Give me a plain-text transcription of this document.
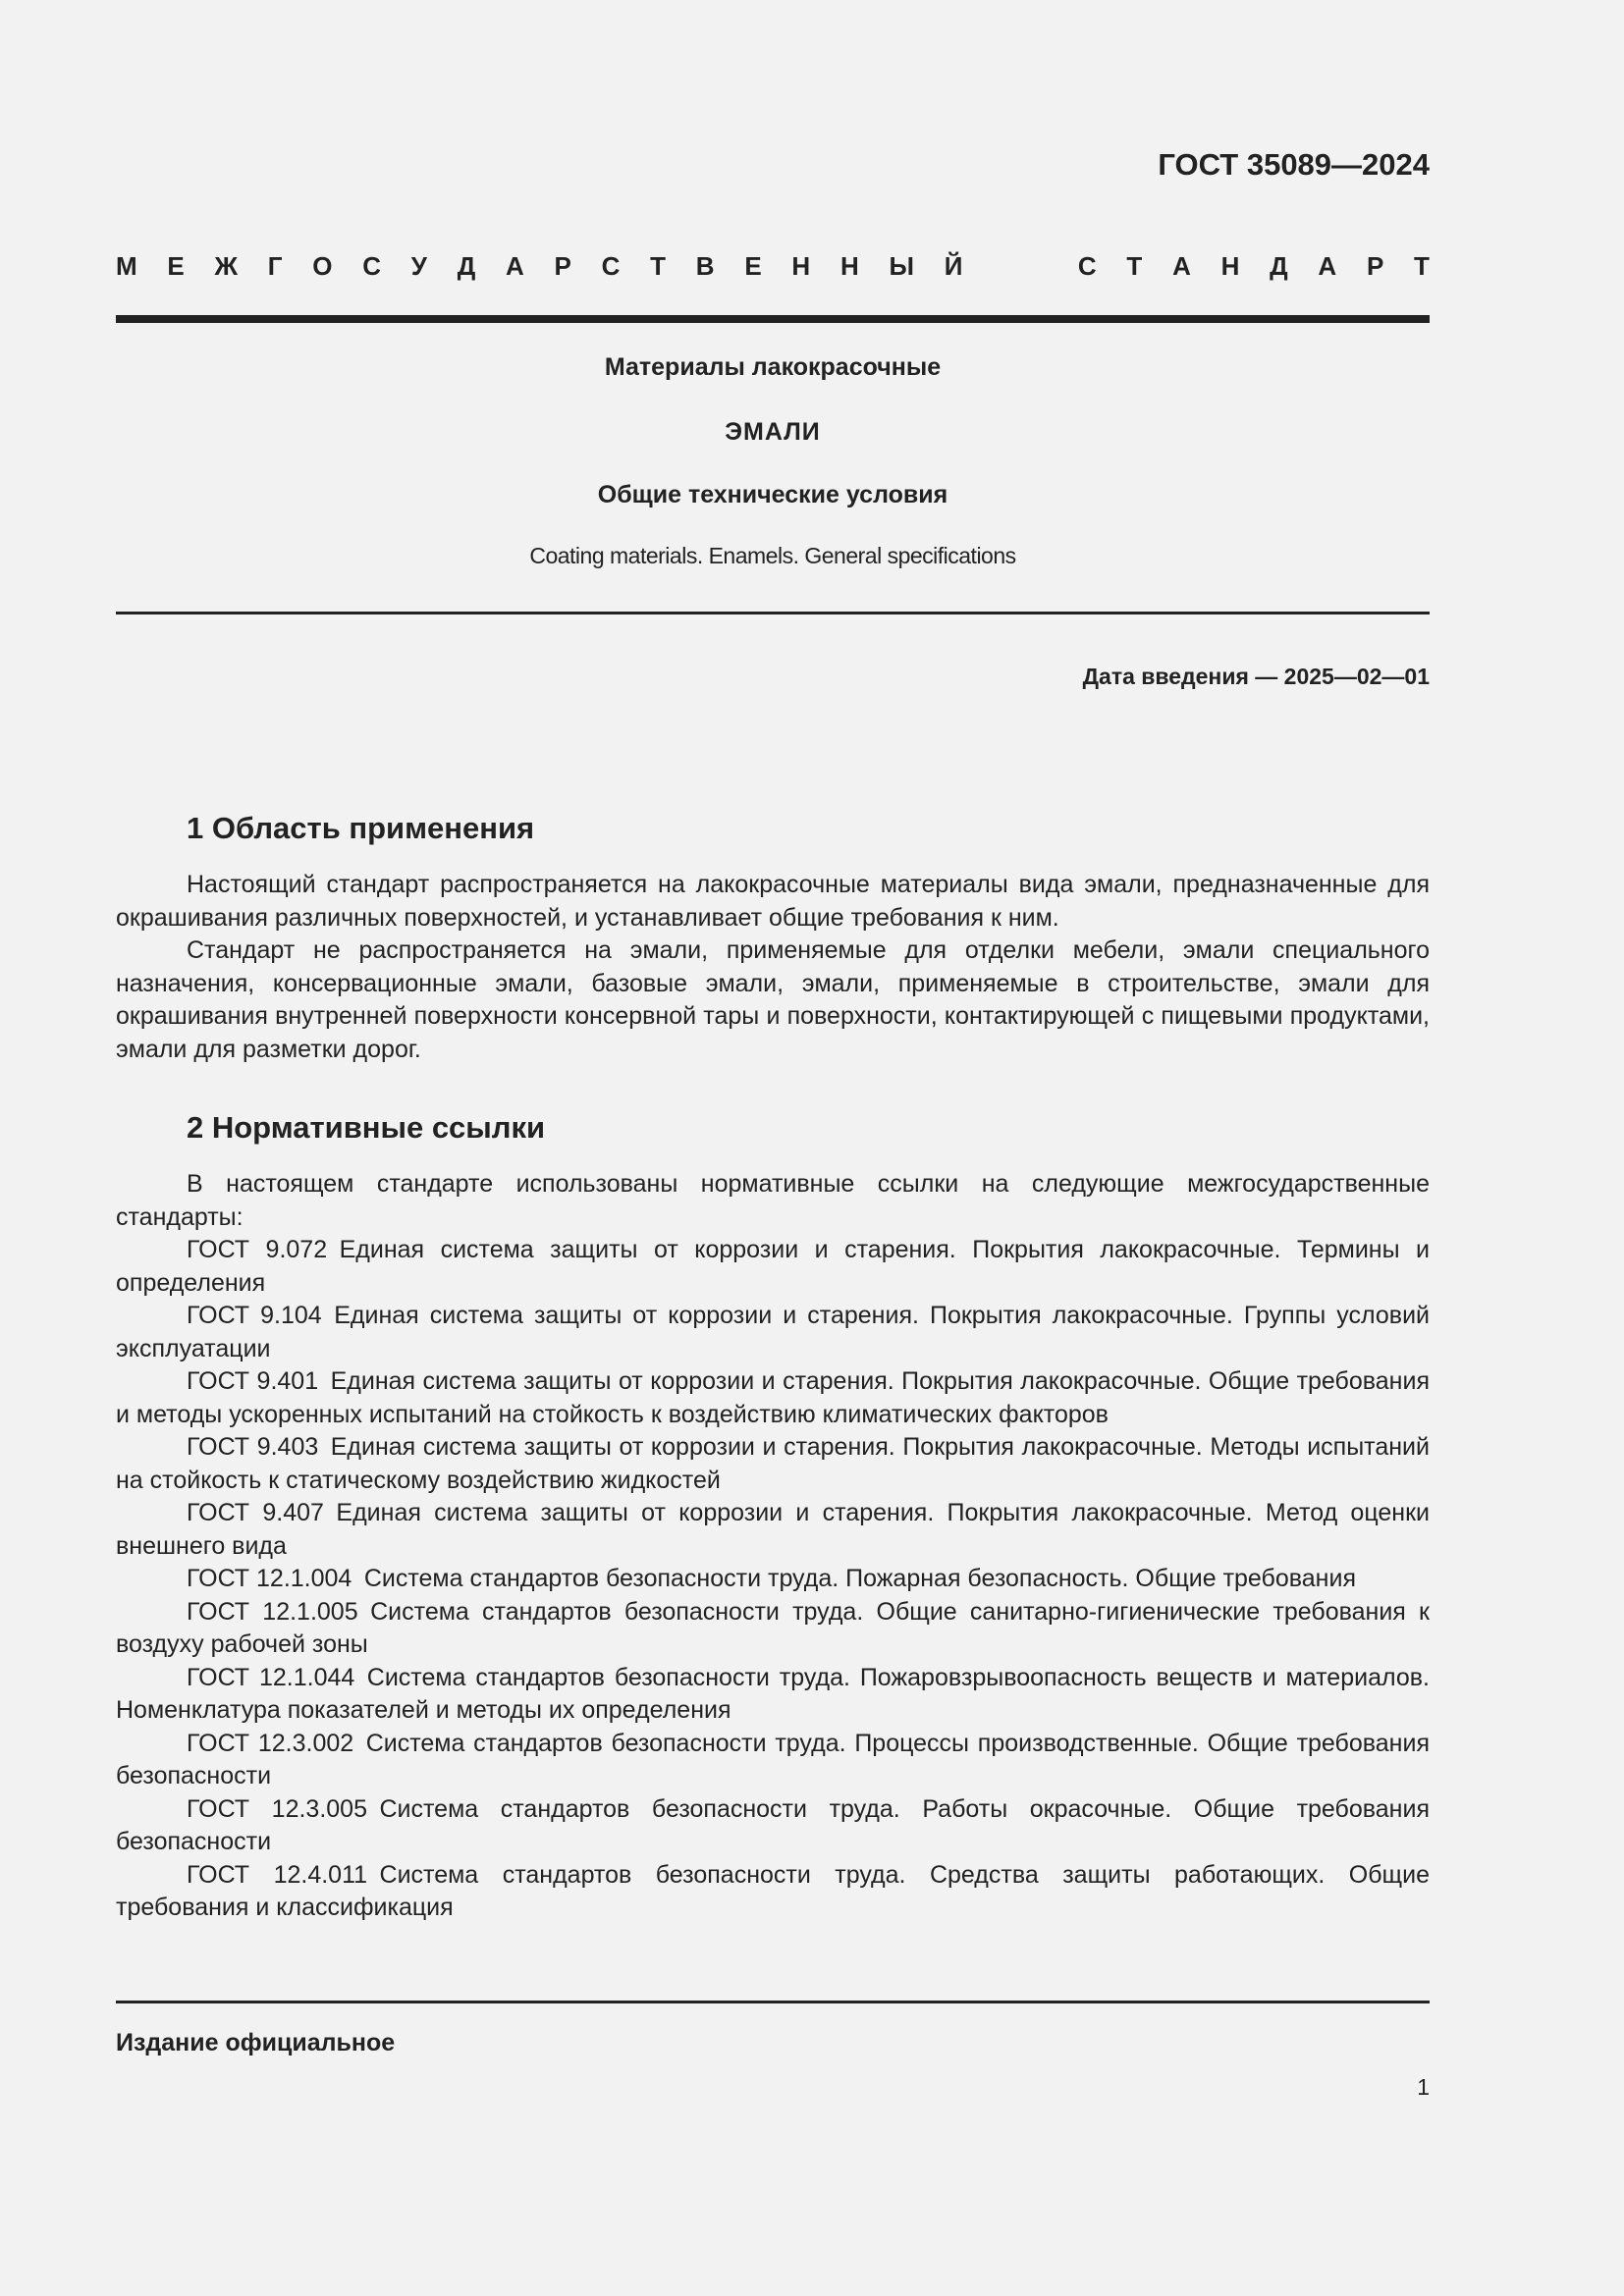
ГОСТ 35089—2024
М Е Ж Г О С У Д А Р С Т В Е Н Н Ы Й	С Т А Н Д А Р Т
Материалы лакокрасочные
ЭМАЛИ
Общие технические условия
Coating materials. Enamels. General specifications
Дата введения — 2025—02—01
1 Область применения

Настоящий стандарт распространяется на лакокрасочные материалы вида эмали, предназначенные для окрашивания различных поверхностей, и устанавливает общие требования к ним.

Стандарт не распространяется на эмали, применяемые для отделки мебели, эмали специального назначения, консервационные эмали, базовые эмали, эмали, применяемые в строительстве, эмали для окрашивания внутренней поверхности консервной тары и поверхности, контактирующей с пищевыми продуктами, эмали для разметки дорог.

2 Нормативные ссылки

В настоящем стандарте использованы нормативные ссылки на следующие межгосударственные стандарты:

ГОСТ 9.072  Единая система защиты от коррозии и старения. Покрытия лакокрасочные. Термины и определения

ГОСТ 9.104  Единая система защиты от коррозии и старения. Покрытия лакокрасочные. Группы условий эксплуатации

ГОСТ 9.401  Единая система защиты от коррозии и старения. Покрытия лакокрасочные. Общие требования и методы ускоренных испытаний на стойкость к воздействию климатических факторов

ГОСТ 9.403  Единая система защиты от коррозии и старения. Покрытия лакокрасочные. Методы испытаний на стойкость к статическому воздействию жидкостей

ГОСТ 9.407  Единая система защиты от коррозии и старения. Покрытия лакокрасочные. Метод оценки внешнего вида

ГОСТ 12.1.004  Система стандартов безопасности труда. Пожарная безопасность. Общие требования

ГОСТ 12.1.005  Система стандартов безопасности труда. Общие санитарно-гигиенические требования к воздуху рабочей зоны

ГОСТ 12.1.044  Система стандартов безопасности труда. Пожаровзрывоопасность веществ и материалов. Номенклатура показателей и методы их определения

ГОСТ 12.3.002  Система стандартов безопасности труда. Процессы производственные. Общие требования безопасности

ГОСТ 12.3.005  Система стандартов безопасности труда. Работы окрасочные. Общие требования безопасности

ГОСТ 12.4.011  Система стандартов безопасности труда. Средства защиты работающих. Общие требования и классификация

Издание официальное
1
